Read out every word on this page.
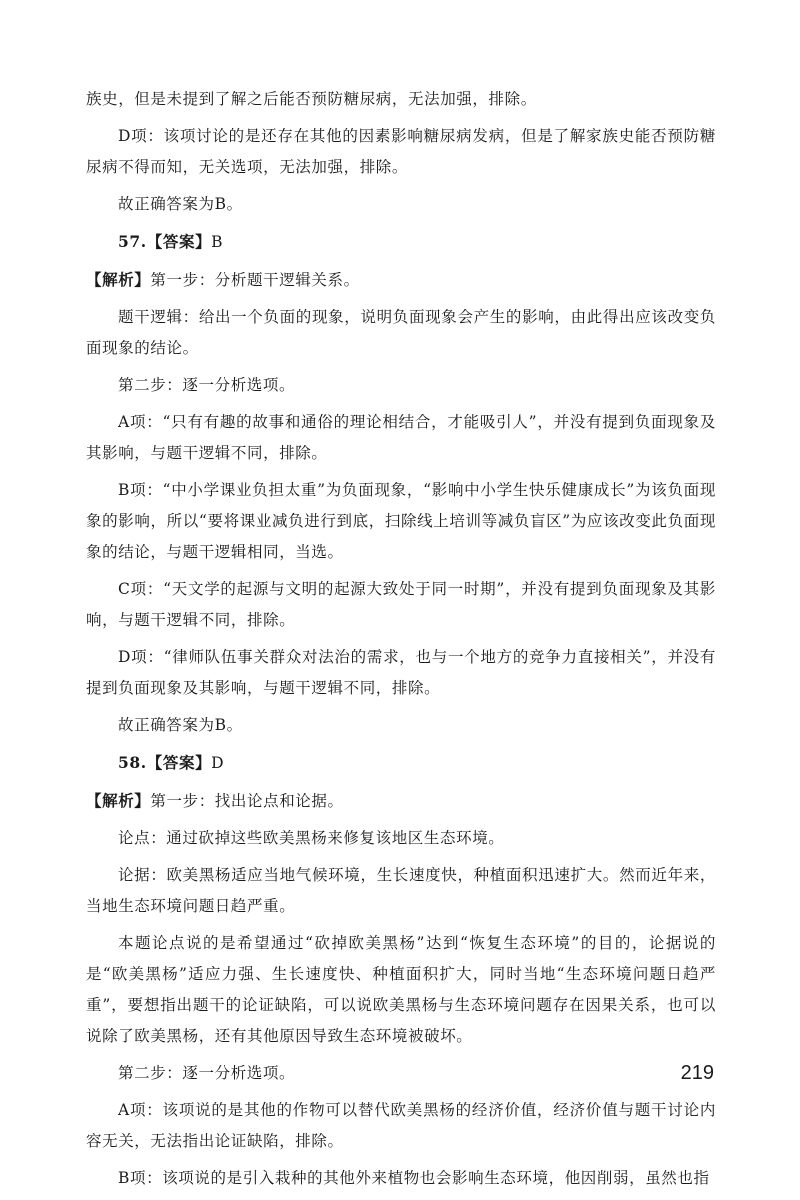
族史，但是未提到了解之后能否预防糖尿病，无法加强，排除。

D项：该项讨论的是还存在其他的因素影响糖尿病发病，但是了解家族史能否预防糖尿病不得而知，无关选项，无法加强，排除。

故正确答案为B。

57.【答案】B

【解析】第一步：分析题干逻辑关系。

题干逻辑：给出一个负面的现象，说明负面现象会产生的影响，由此得出应该改变负面现象的结论。

第二步：逐一分析选项。

A项：“只有有趣的故事和通俗的理论相结合，才能吸引人”，并没有提到负面现象及其影响，与题干逻辑不同，排除。

B项：“中小学课业负担太重”为负面现象，“影响中小学生快乐健康成长”为该负面现象的影响，所以“要将课业减负进行到底，扫除线上培训等减负盲区”为应该改变此负面现象的结论，与题干逻辑相同，当选。

C项：“天文学的起源与文明的起源大致处于同一时期”，并没有提到负面现象及其影响，与题干逻辑不同，排除。

D项：“律师队伍事关群众对法治的需求，也与一个地方的竞争力直接相关”，并没有提到负面现象及其影响，与题干逻辑不同，排除。

故正确答案为B。

58.【答案】D

【解析】第一步：找出论点和论据。

论点：通过砍掉这些欧美黑杨来修复该地区生态环境。

论据：欧美黑杨适应当地气候环境，生长速度快，种植面积迅速扩大。然而近年来，当地生态环境问题日趋严重。

本题论点说的是希望通过“砍掉欧美黑杨”达到“恢复生态环境”的目的，论据说的是“欧美黑杨”适应力强、生长速度快、种植面积扩大，同时当地“生态环境问题日趋严重”，要想指出题干的论证缺陷，可以说欧美黑杨与生态环境问题存在因果关系，也可以说除了欧美黑杨，还有其他原因导致生态环境被破坏。

第二步：逐一分析选项。

A项：该项说的是其他的作物可以替代欧美黑杨的经济价值，经济价值与题干讨论内容无关，无法指出论证缺陷，排除。

B项：该项说的是引入栽种的其他外来植物也会影响生态环境，他因削弱，虽然也指

219
